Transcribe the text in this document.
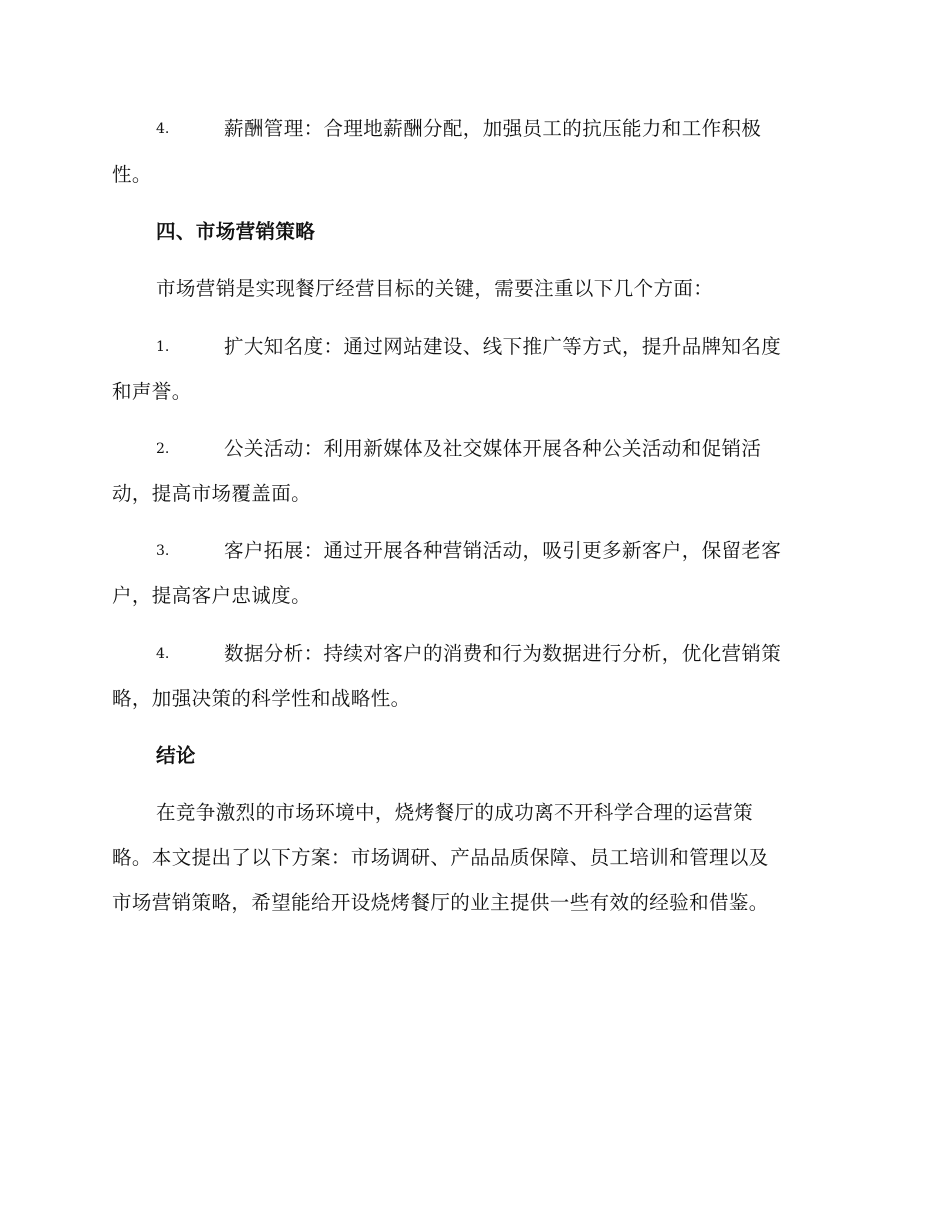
4.	薪酬管理：合理地薪酬分配，加强员工的抗压能力和工作积极
性。
四、市场营销策略
市场营销是实现餐厅经营目标的关键，需要注重以下几个方面：
1.	扩大知名度：通过网站建设、线下推广等方式，提升品牌知名度
和声誉。
2.	公关活动：利用新媒体及社交媒体开展各种公关活动和促销活
动，提高市场覆盖面。
3.	客户拓展：通过开展各种营销活动，吸引更多新客户，保留老客
户，提高客户忠诚度。
4.	数据分析：持续对客户的消费和行为数据进行分析，优化营销策
略，加强决策的科学性和战略性。
结论
在竞争激烈的市场环境中，烧烤餐厅的成功离不开科学合理的运营策
略。本文提出了以下方案：市场调研、产品品质保障、员工培训和管理以及
市场营销策略，希望能给开设烧烤餐厅的业主提供一些有效的经验和借鉴。
